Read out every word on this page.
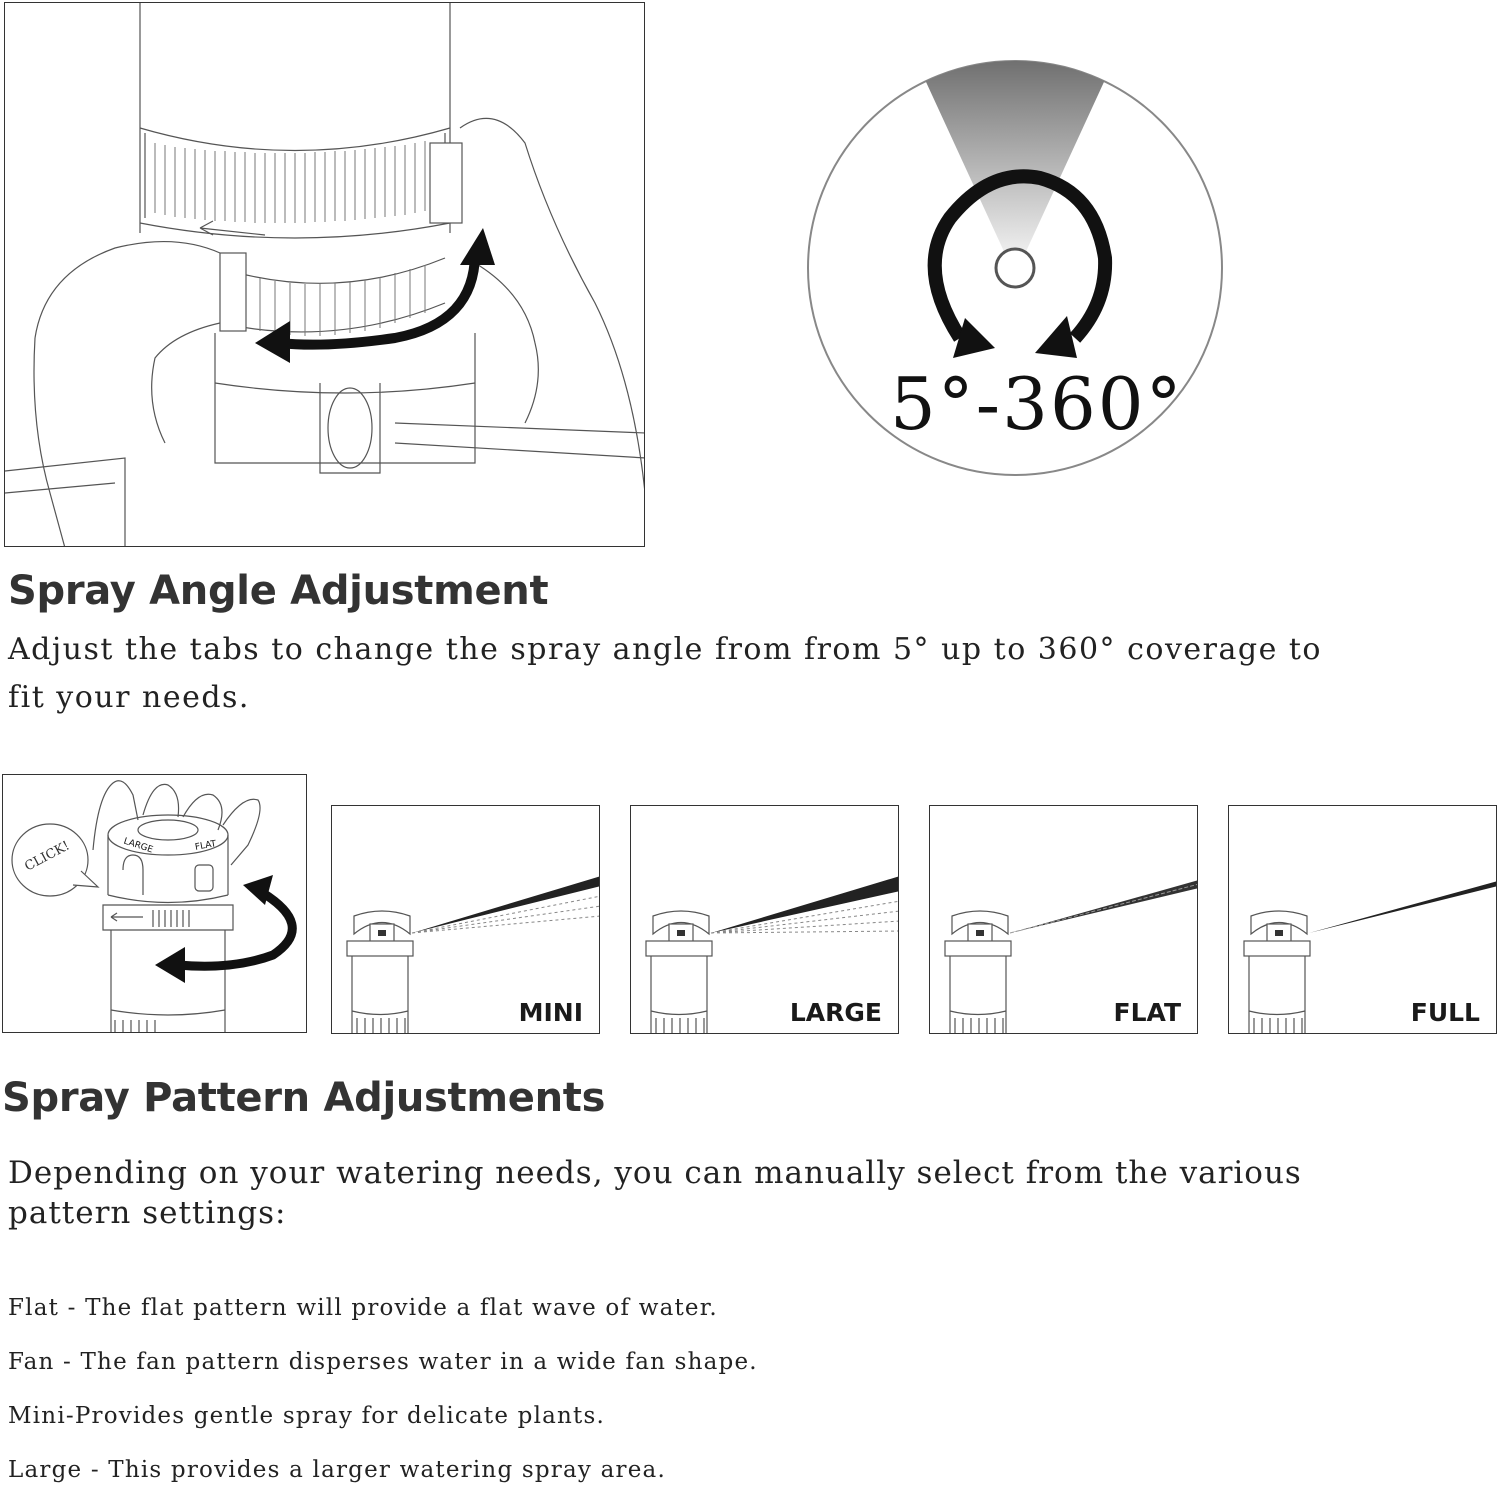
5°-360°
Spray Angle Adjustment
Adjust the tabs to change the spray angle from from 5° up to 360° coverage to
fit your needs.
CLICK!	LARGE	FLAT
MINI	LARGE	FLAT	FULL
Spray Pattern Adjustments
Depending on your watering needs, you can manually select from the various
pattern settings:
Flat - The flat pattern will provide a flat wave of water.
Fan - The fan pattern disperses water in a wide fan shape.
Mini-Provides gentle spray for delicate plants.
Large - This provides a larger watering spray area.
